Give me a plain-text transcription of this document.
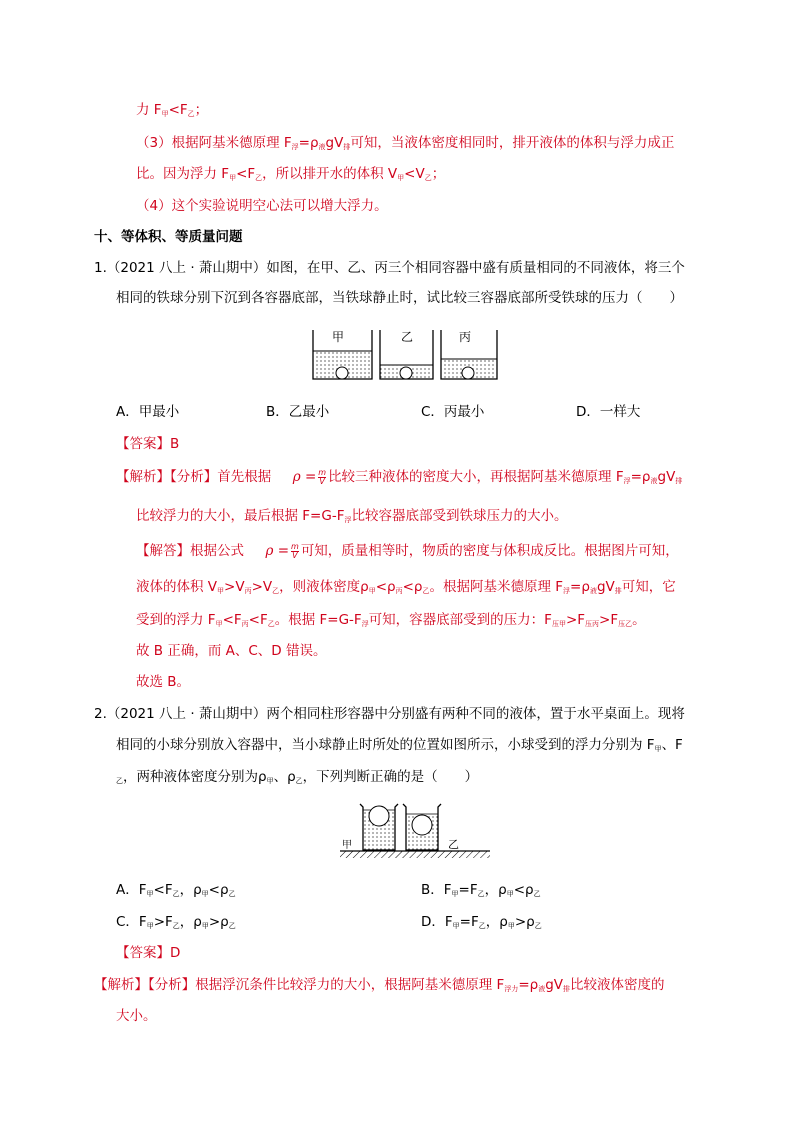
力 $F_甲<F_乙$；
（3）根据阿基米德原理 $F_浮=\rho_液gV_排$可知，当液体密度相同时，排开液体的体积与浮力成正
比。因为浮力 $F_甲<F_乙$，所以排开水的体积 $V_甲<V_乙$；
（4）这个实验说明空心法可以增大浮力。
十、等体积、等质量问题
1.（2021 八上 · 萧山期中）如图，在甲、乙、丙三个相同容器中盛有质量相同的不同液体，将三个
相同的铁球分别下沉到各容器底部，当铁球静止时，试比较三容器底部所受铁球的压力（　　）
甲	乙	丙
A．甲最小	B．乙最小	C．丙最小	D．一样大
【答案】B
【解析】【分析】首先根据 $\rho = \frac{m}{V}$ 比较三种液体的密度大小，再根据阿基米德原理 $F_浮=\rho_液gV_排$
比较浮力的大小，最后根据 $F=G-F_浮$比较容器底部受到铁球压力的大小。
【解答】根据公式 $\rho = \frac{m}{V}$ 可知，质量相等时，物质的密度与体积成反比。根据图片可知，
液体的体积 $V_甲>V_丙>V_乙$，则液体密度$\rho_甲<\rho_丙<\rho_乙$。根据阿基米德原理 $F_浮=\rho_液gV_排$可知，它
受到的浮力 $F_甲<F_丙<F_乙$。根据 $F=G-F_浮$可知，容器底部受到的压力：$F_{压甲}>F_{压丙}>F_{压乙}$。
故 B 正确，而 A、C、D 错误。
故选 B。
2.（2021 八上 · 萧山期中）两个相同柱形容器中分别盛有两种不同的液体，置于水平桌面上。现将
相同的小球分别放入容器中，当小球静止时所处的位置如图所示，小球受到的浮力分别为 $F_甲$、F
$_乙$，两种液体密度分别为$\rho_甲$、$\rho_乙$，下列判断正确的是（　　）
甲	乙
A．$F_甲<F_乙$，$\rho_甲<\rho_乙$	B．$F_甲=F_乙$，$\rho_甲<\rho_乙$
C．$F_甲>F_乙$，$\rho_甲>\rho_乙$	D．$F_甲=F_乙$，$\rho_甲>\rho_乙$
【答案】D
【解析】【分析】根据浮沉条件比较浮力的大小，根据阿基米德原理 $F_{浮力}=\rho_液gV_排$比较液体密度的
大小。
